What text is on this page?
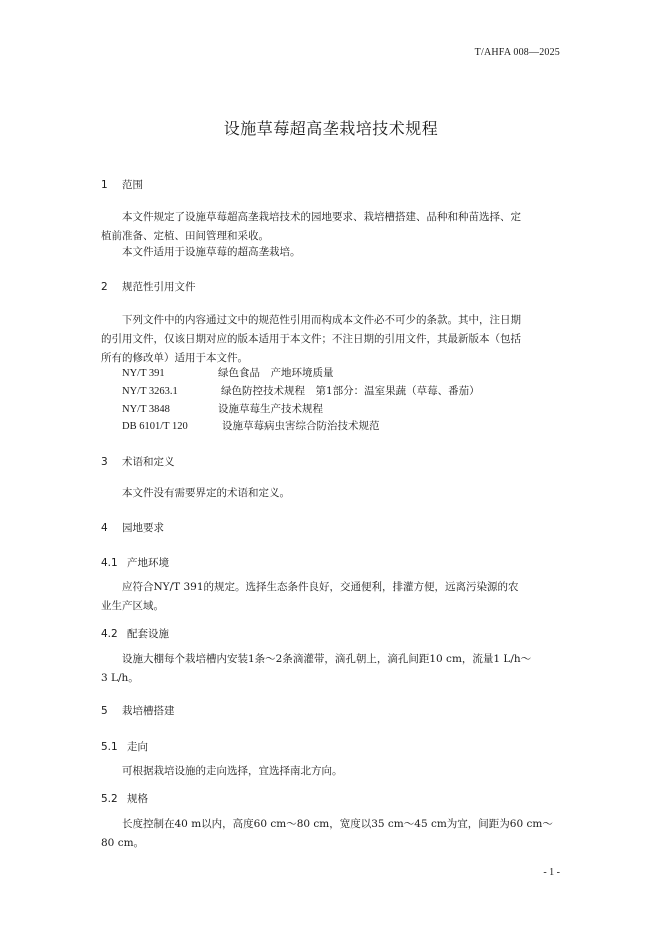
T/AHFA 008—2025
设施草莓超高垄栽培技术规程
1 范围
本文件规定了设施草莓超高垄栽培技术的园地要求、栽培槽搭建、品种和种苗选择、定
植前准备、定植、田间管理和采收。
本文件适用于设施草莓的超高垄栽培。
2 规范性引用文件
下列文件中的内容通过文中的规范性引用而构成本文件必不可少的条款。其中，注日期
的引用文件，仅该日期对应的版本适用于本文件；不注日期的引用文件，其最新版本（包括
所有的修改单）适用于本文件。
NY/T 391	绿色食品　产地环境质量
NY/T 3263.1	绿色防控技术规程　第1部分：温室果蔬（草莓、番茄）
NY/T 3848	设施草莓生产技术规程
DB 6101/T 120	设施草莓病虫害综合防治技术规范
3 术语和定义
本文件没有需要界定的术语和定义。
4 园地要求
4.1 产地环境
应符合NY/T 391的规定。选择生态条件良好，交通便利，排灌方便，远离污染源的农
业生产区域。
4.2 配套设施
设施大棚每个栽培槽内安装1条～2条滴灌带，滴孔朝上，滴孔间距10 cm，流量1 L/h～
3 L/h。
5 栽培槽搭建
5.1 走向
可根据栽培设施的走向选择，宜选择南北方向。
5.2 规格
长度控制在40 m以内，高度60 cm～80 cm，宽度以35 cm～45 cm为宜，间距为60 cm～
80 cm。
- 1 -
